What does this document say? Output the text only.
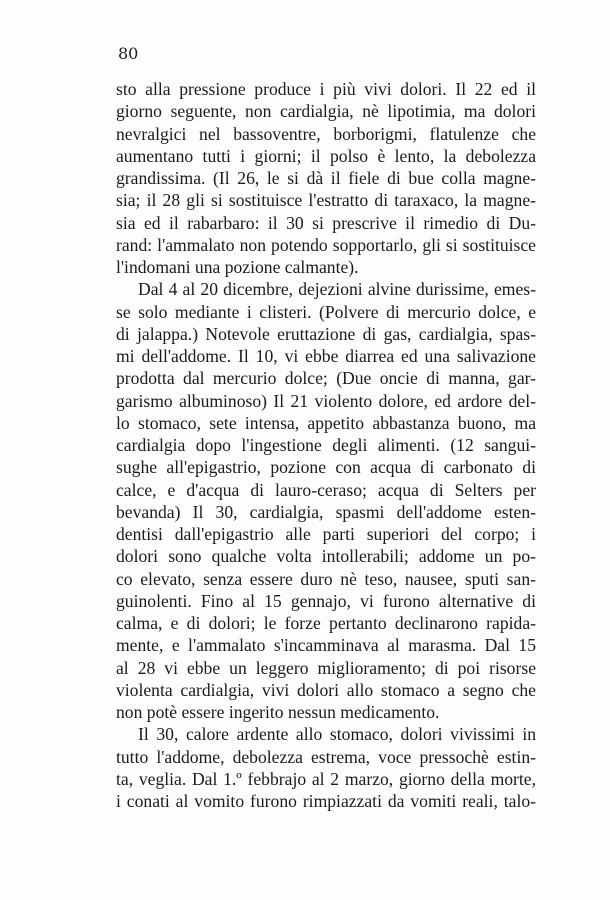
80
sto alla pressione produce i più vivi dolori. Il 22 ed il
giorno seguente, non cardialgia, nè lipotimia, ma dolori
nevralgici nel bassoventre, borborigmi, flatulenze che
aumentano tutti i giorni; il polso è lento, la debolezza
grandissima. (Il 26, le si dà il fiele di bue colla magne-
sia; il 28 gli si sostituisce l'estratto di taraxaco, la magne-
sia ed il rabarbaro: il 30 si prescrive il rimedio di Du-
rand: l'ammalato non potendo sopportarlo, gli si sostituisce
l'indomani una pozione calmante).
Dal 4 al 20 dicembre, dejezioni alvine durissime, emes-
se solo mediante i clisteri. (Polvere di mercurio dolce, e
di jalappa.) Notevole eruttazione di gas, cardialgia, spas-
mi dell'addome. Il 10, vi ebbe diarrea ed una salivazione
prodotta dal mercurio dolce; (Due oncie di manna, gar-
garismo albuminoso) Il 21 violento dolore, ed ardore del-
lo stomaco, sete intensa, appetito abbastanza buono, ma
cardialgia dopo l'ingestione degli alimenti. (12 sangui-
sughe all'epigastrio, pozione con acqua di carbonato di
calce, e d'acqua di lauro-ceraso; acqua di Selters per
bevanda) Il 30, cardialgia, spasmi dell'addome esten-
dentisi dall'epigastrio alle parti superiori del corpo; i
dolori sono qualche volta intollerabili; addome un po-
co elevato, senza essere duro nè teso, nausee, sputi san-
guinolenti. Fino al 15 gennajo, vi furono alternative di
calma, e di dolori; le forze pertanto declinarono rapida-
mente, e l'ammalato s'incamminava al marasma. Dal 15
al 28 vi ebbe un leggero miglioramento; di poi risorse
violenta cardialgia, vivi dolori allo stomaco a segno che
non potè essere ingerito nessun medicamento.
Il 30, calore ardente allo stomaco, dolori vivissimi in
tutto l'addome, debolezza estrema, voce pressochè estin-
ta, veglia. Dal 1.º febbrajo al 2 marzo, giorno della morte,
i conati al vomito furono rimpiazzati da vomiti reali, talo-
